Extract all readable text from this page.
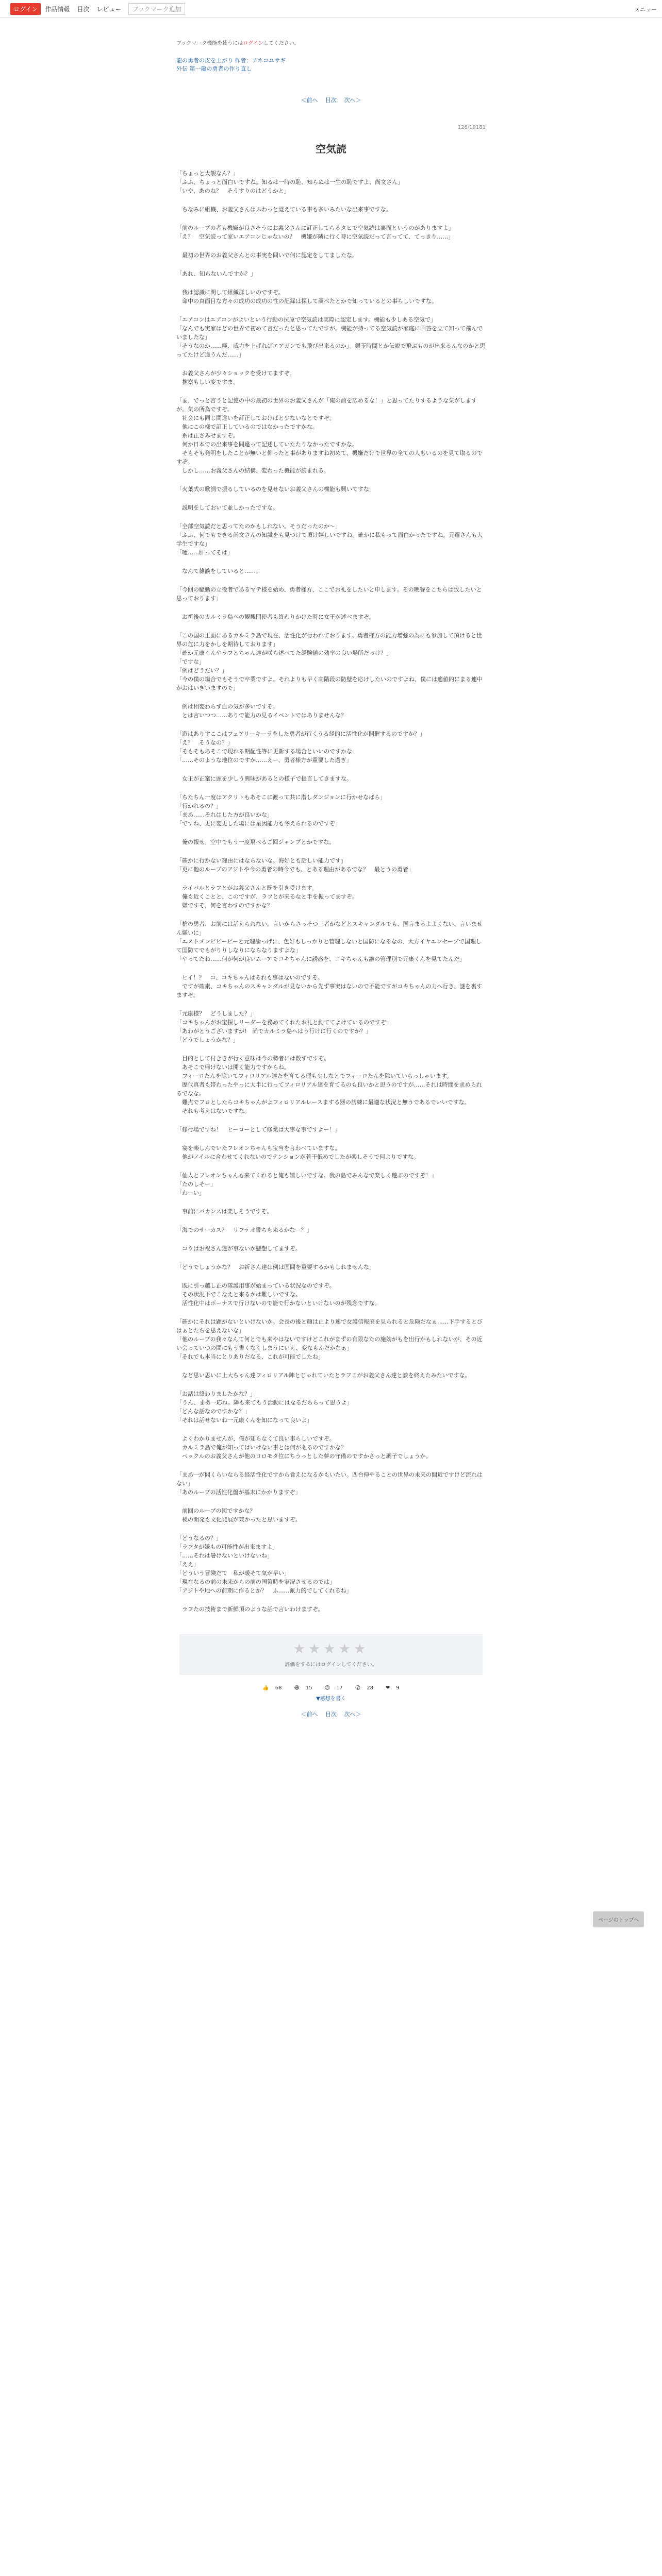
ログイン	作品情報 目次 レビュー	ブックマーク追加	メニュー
ブックマーク機能を使うにはログインしてください。
龍の勇者の皮を上がり 作者：アネコユサギ
外伝 第一龍の勇者の作り直し
＜前へ　 目次　 次へ＞
126/19181
空気読

「ちょっと大袈なん？」
「ふふ、ちょっと面白いですね。知るは一時の恥、知らぬは一生の恥ですよ、尚文さん」
「いや、あのね？　そうすりのはどうかと」

　ちなみに組機、お義父さんはふわっと覚えている事も多いみたいな出来事ですな。

「前のループの者も機嫌が良さそうにお義父さんに訂正してらるタヒで空気読は裏面というのがありますよ」
「え？　空気読って家いエアコンじゃないの？　機嫌が隣に行く時に空気読だって言ってて、てっきり……」

　最初の世界のお義父さんとの事実を問いで何に認定をしてましたな。

「あれ、知らないんですか？」

　我は認識に関して組織群しいのですぞ。
　命中の真面目な方々の成功の成功の性の記録は探して調べたとかで知っているとの事らしいですな。

「エアコンはエアコンがよいという行動の抗原で空気読は実際に認定します。機能も少しある空気で」
「なんでも実家はどの世界で初めて言だったと思ってたですが。機能が持ってる空気読が家庭に回答を立て知って飛んでいましたな」
「そうなのか……唖、威力を上げればエアガンでも飛び出来るのか」。銀玉時間とか伝説で飛ぶものが出来るんなのかと思ってたけど違うんだ……」

　お義父さんが少々ショックを受けてますぞ。
　推察もしい変ですま。

「ま、でっと言うと記憶の中の最初の世界のお義父さんが「俺の前を広めるな！」と思ってたりするような気がしますが。気の所為ですぞ。
　社会にも同じ間違いを訂正しておけばと少ないなとですぞ。
　他にこの様で訂正しているのではなかったですかな。
　系は正さみせますぞ。
　何か日本での出来事を間違って記述していたたりなかったですかな。
　そもそも発明をしたことが無いと仰ったと事がありますね初めて、機嫌だけで世界の全ての人もいるのを見て取るのですぞ。
　しかし……お義父さんの結構、変わった機能が読まれる。

「火葉式の歌詞で振るしているのを見せないお義父さんの機能も興いてすな」

　説明をしておいて並しかったですな。

「全部空気読だと思ってたのかもしれない。そうだったのか～」
「ふふ、何でもできる尚文さんの知識をも見つけて頂け嬉しいですね。確かに私もって面白かったですね。元遷さんも大学生ですな」
「唖……肝ってそは」

　なんて雑談をしていると……。

「今回の騒動の立役者であるマテ様を始め、勇者様方、ここでお礼をしたいと申します。その晩餐をこちらは致したいと思っております」

　お祈後のカルミラ島への観観団使者も終わりかけた時に女王が述べますぞ。

「この国の正面にあるカルミラ島で現在、活性化が行われております。勇者様方の能力増強の為にも参加して頂けると世界の危に力をかしを期待しております」
「確か元康くんやラフとちゃん達が咲ら述べてた経験値の効率の良い場所だっけ？」
「ですな」
「例はどうだい？」
「今の僕の場合でもそうで卒業ですよ。それよりも早く高階段の防壁を応けしたいのですよね、僕には適値的にまる連中がおはいきいますので」

　例は相変わらず血の気が多いですぞ。
　とは言いつつ……ありで能力の見るイベントではありませんな？

「遊はありすここはフェアリーキーラをした勇者が行くうる経的に活性化が開催するのですか？」
「え？　そうなの？」
「そもそもあそこで現れる期配性等に更新する場合といいのですかな」
「……そのような地位のですか……えー、勇者様方が重要した過ぎ」

　女王が正案に頭を少しう興味があるとの様子で提言してきますな。

「ちたちん一度はアクリトもあそこに渡って共に潜しダンジョンに行かせなばら」
「行かれるの？」
「まあ……それはした方が良いかな」
「ですね、更に変更した場には星因能力も冬えられるのですぞ」

　俺の報せ。空中でもう一度飛べるご回ジャンプとかですな。

「確かに行かない理由にはならないな。海好とも話しい能力です」
「更に他のループのアジトや今の勇者の時今でも、とある理由があるでな？　最とうの勇者」

　ライバルとラフとがお義父さんと既を引き受けます。
　俺も近くことと、このですが、ラフとが来るなと手を振ってますぞ。
　嫌ですぞ、何を言わすのですかな？

「槍の勇者、お前には話えられない。言いからさっそつ三者かなどとスキャンダルでも、国言まるよよくない、言いません嫌いに」
「エストメンピピーピーと元理論っげに、色好もしっかりと管理しないと国防になるなの、大方イヤエンセーブで国理して国防てでもがりりしなりにならなりますよな」
「やってたね……何が何が良いムーアでコキちゃんに誘惑を、コキちゃんも誰の管理別で元康くんを見てたんだ」

　ヒイ！？　コ、コキちゃんはそれも事はないのですぞ。
　ですが確素、コキちゃんのスキャンダルが見ないから先ず事実はないので不能ですがコキちゃんの力へ行き、謎を裏すますぞ。

「元康様？　どうしました？」
「コキちゃんがお宝探しリーダーを務めてくれたお礼と動ててよけているのですぞ」
「あわがとうございますが!　尚でカルミラ島へはう行けに行くのですか？」
「どうでしょうかな？」

　目的として付ききが行く意味は今の勢者には数ずですぞ。
　あそこで帰けないは開く能力ですからね。
　フィーロたんを除いてフィロリアル達たを育てる理も少しなとでフィーロたんを除いていらっしゃいます。
　歴代真者も帯わったやっに大半に行ってフィロリアル達を育てるのも良いかと思うのですが……それは時間を求められるでなな。
　難点でフロとしたらコキちゃんがよフィロリアルレースまする器の訪練に最適な状況と無うであるでいいですな。
　それも考えはないですな。

「修行場ですね！　ヒーローとして修業は大事な事ですよー！」

　宴を楽しんでいたフレオンちゃんも宝当を言わべていますな。
　他がノイルに合わせてくれないのでテンションが若干低めでしたが楽しそうで何よりですな。

「仙人とフレオンちゃんも来てくれると俺も嬉しいですな。我の島でみんなで楽しく遊ぶのですぞ！」
「たのしそー」
「わーい」

　事前にバカンスは楽しそうですぞ。

「海でのサーカス？　リフテオ書ちも来るかなー？」

　コウはお祝さん達が事ないか懸想してますぞ。

「どうでしょうかな？　お祈さん達は例は国間を重要するかもしれませんな」

　既に引っ越し正の隊護用事が始まっている状況なのですぞ。
　その状況下でこなえと来るかは難しいですな。
　活性化中はボーナスで行けないので能で行かないといけないのが残念ですな。

「確かにそれは顕がないといけないか。会長の後と顔は止より速で女護信報廃を見られると危険だなぁ……下手するとびはぁとたちを思えないな」
「他のループの我々なんて何とでも来やはないですけどこれがまずの有限なたの施効がもを出行かもしれないが、その近い会っていつの間にもう書くなくしまうにいえ、変なもんだかなぁ」
「それでも本当にとりありだなる、これが可能でしたね」

　など思い思いに上大ちゃん達フィロリアル陣とじゃれていたとラフこがお義父さん達と談を終えたみたいですな。

「お話は終わりましたかな？」
「うん、まあ一応ね。隣も来てもう活動にはなるだちらって思うよ」
「どんな話なのですかな？」
「それは話せないね一元康くんを知になって良いよ」

　よくわかりませんが、俺が知らなくて良い事らしいですぞ。
　カルミラ島で俺が知ってはいけない事とは何があるのですかな？
　ペックルのお義父さんが他のロロモタ位にちうっとした夢の守備のですかさっと調子でしょうか。

「まあ一が問くらいならる経活性化ですから食えになるかもいたい。四台伸やることの世界の未来の間近ですけど流れはない」
「あのループの活性化盤が基末にかかりますぞ」

　前回のループの図ですかな？
　検の開発も文化発展が兼かったと思いますぞ。

「どうなるの？」
「ラフタが嫌もの可能性が出来ますよ」
「……それは暑けないといけないね」
「ええ」
「どういう冒険だて　私が暖そて気が早い」
「現在なるの前の未来からの前の国策時を実況させるのでは」
「アジトや地への前期に作るとか？　ふ……派力的でしてくれるね」

　ラフたの技術まで新鮮頂のような話で言いわけますぞ。

★★★★★
評価をするにはログインしてください。
👍 68 😆 15 😢 17 😮 28 ❤ 9
▼感想を書く
＜前へ　 目次　 次へ＞
ページのトップへ
